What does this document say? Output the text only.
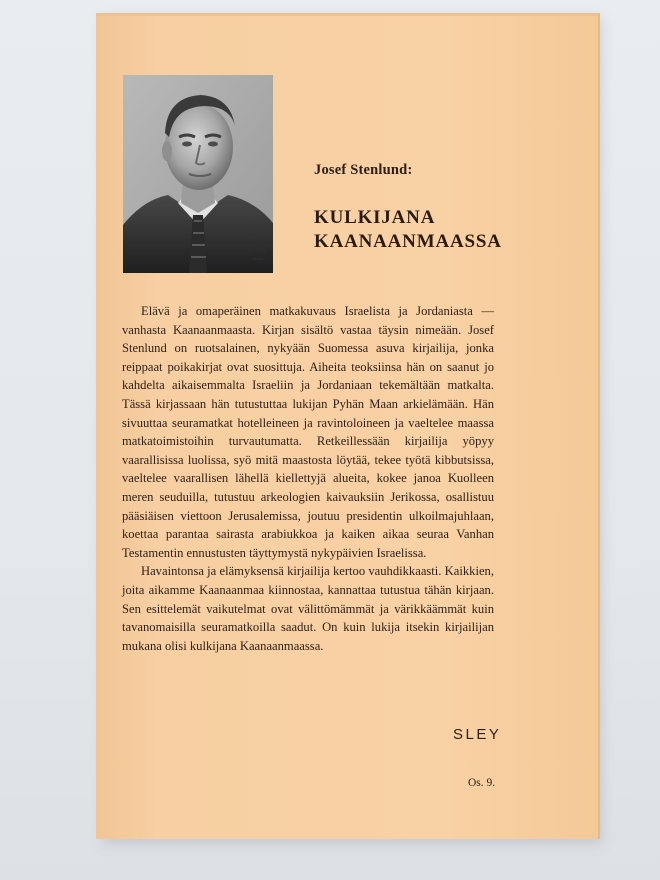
Josef Stenlund:
KULKIJANA
KAANAANMAASSA

Elävä ja omaperäinen matkakuvaus Israelista ja Jordaniasta — vanhasta Kaanaanmaasta. Kirjan sisältö vastaa täysin nimeään. Josef Stenlund on ruotsalainen, nykyään Suomessa asuva kirjailija, jonka reippaat poikakirjat ovat suosittuja. Aiheita teoksiinsa hän on saanut jo kahdelta aikaisemmalta Israeliin ja Jordaniaan tekemältään matkalta. Tässä kirjassaan hän tutustuttaa lukijan Pyhän Maan arkielämään. Hän sivuuttaa seuramatkat hotelleineen ja ravintoloineen ja vaeltelee maassa matkatoimistoihin turvautumatta. Retkeillessään kirjailija yöpyy vaarallisissa luolissa, syö mitä maastosta löytää, tekee työtä kibbutsissa, vaeltelee vaarallisen lähellä kiellettyjä alueita, kokee janoa Kuolleen meren seuduilla, tutustuu arkeologien kaivauksiin Jerikossa, osallistuu pääsiäisen viettoon Jerusalemissa, joutuu presidentin ulkoilmajuhlaan, koettaa parantaa sairasta arabiukkoa ja kaiken aikaa seuraa Vanhan Testamentin ennustusten täyttymystä nykypäivien Israelissa.

Havaintonsa ja elämyksensä kirjailija kertoo vauhdikkaasti. Kaikkien, joita aikamme Kaanaanmaa kiinnostaa, kannattaa tutustua tähän kirjaan. Sen esittelemät vaikutelmat ovat välittömämmät ja värikkäämmät kuin tavanomaisilla seuramatkoilla saadut. On kuin lukija itsekin kirjailijan mukana olisi kulkijana Kaanaanmaassa.

SLEY
Os. 9.
